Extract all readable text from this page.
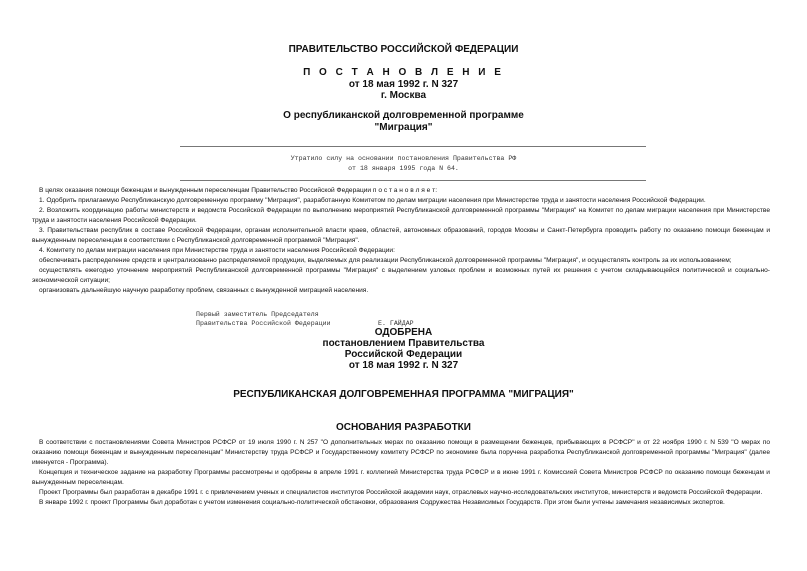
ПРАВИТЕЛЬСТВО РОССИЙСКОЙ ФЕДЕРАЦИИ
П О С Т А Н О В Л Е Н И Е
от 18 мая 1992 г. N 327
г. Москва
О республиканской долговременной программе
"Миграция"
Утратило силу на основании постановления Правительства РФ
от 18 января 1995 года N 64.

В целях оказания помощи беженцам и вынужденным переселенцам Правительство Российской Федерации п о с т а н о в л я е т:

1. Одобрить прилагаемую Республиканскую долговременную программу "Миграция", разработанную Комитетом по делам миграции населения при Министерстве труда и занятости населения Российской Федерации.

2. Возложить координацию работы министерств и ведомств Российской Федерации по выполнению мероприятий Республиканской долговременной программы "Миграция" на Комитет по делам миграции населения при Министерстве труда и занятости населения Российской Федерации.

3. Правительствам республик в составе Российской Федерации, органам исполнительной власти краев, областей, автономных образований, городов Москвы и Санкт-Петербурга проводить работу по оказанию помощи беженцам и вынужденным переселенцам в соответствии с Республиканской долговременной программой "Миграция".

4. Комитету по делам миграции населения при Министерстве труда и занятости населения Российской Федерации:

обеспечивать распределение средств и централизованно распределяемой продукции, выделяемых для реализации Республиканской долговременной программы "Миграция", и осуществлять контроль за их использованием;

осуществлять ежегодно уточнение мероприятий Республиканской долговременной программы "Миграция" с выделением узловых проблем и возможных путей их решения с учетом складывающейся политической и социально-экономической ситуации;

организовать дальнейшую научную разработку проблем, связанных с вынужденной миграцией населения.

Первый заместитель Председателя
Правительства Российской Федерации	Е. ГАЙДАР
ОДОБРЕНА
постановлением Правительства
Российской Федерации
от 18 мая 1992 г. N 327
РЕСПУБЛИКАНСКАЯ ДОЛГОВРЕМЕННАЯ ПРОГРАММА "МИГРАЦИЯ"
ОСНОВАНИЯ РАЗРАБОТКИ

В соответствии с постановлениями Совета Министров РСФСР от 19 июля 1990 г. N 257 "О дополнительных мерах по оказанию помощи в размещении беженцев, прибывающих в РСФСР" и от 22 ноября 1990 г. N 539 "О мерах по оказанию помощи беженцам и вынужденным переселенцам" Министерству труда РСФСР и Государственному комитету РСФСР по экономике была поручена разработка Республиканской долговременной программы "Миграция" (далее именуется - Программа).

Концепция и техническое задание на разработку Программы рассмотрены и одобрены в апреле 1991 г. коллегией Министерства труда РСФСР и в июне 1991 г. Комиссией Совета Министров РСФСР по оказанию помощи беженцам и вынужденным переселенцам.

Проект Программы был разработан в декабре 1991 г. с привлечением ученых и специалистов институтов Российской академии наук, отраслевых научно-исследовательских институтов, министерств и ведомств Российской Федерации.

В январе 1992 г. проект Программы был доработан с учетом изменения социально-политической обстановки, образования Содружества Независимых Государств. При этом были учтены замечания независимых экспертов.
